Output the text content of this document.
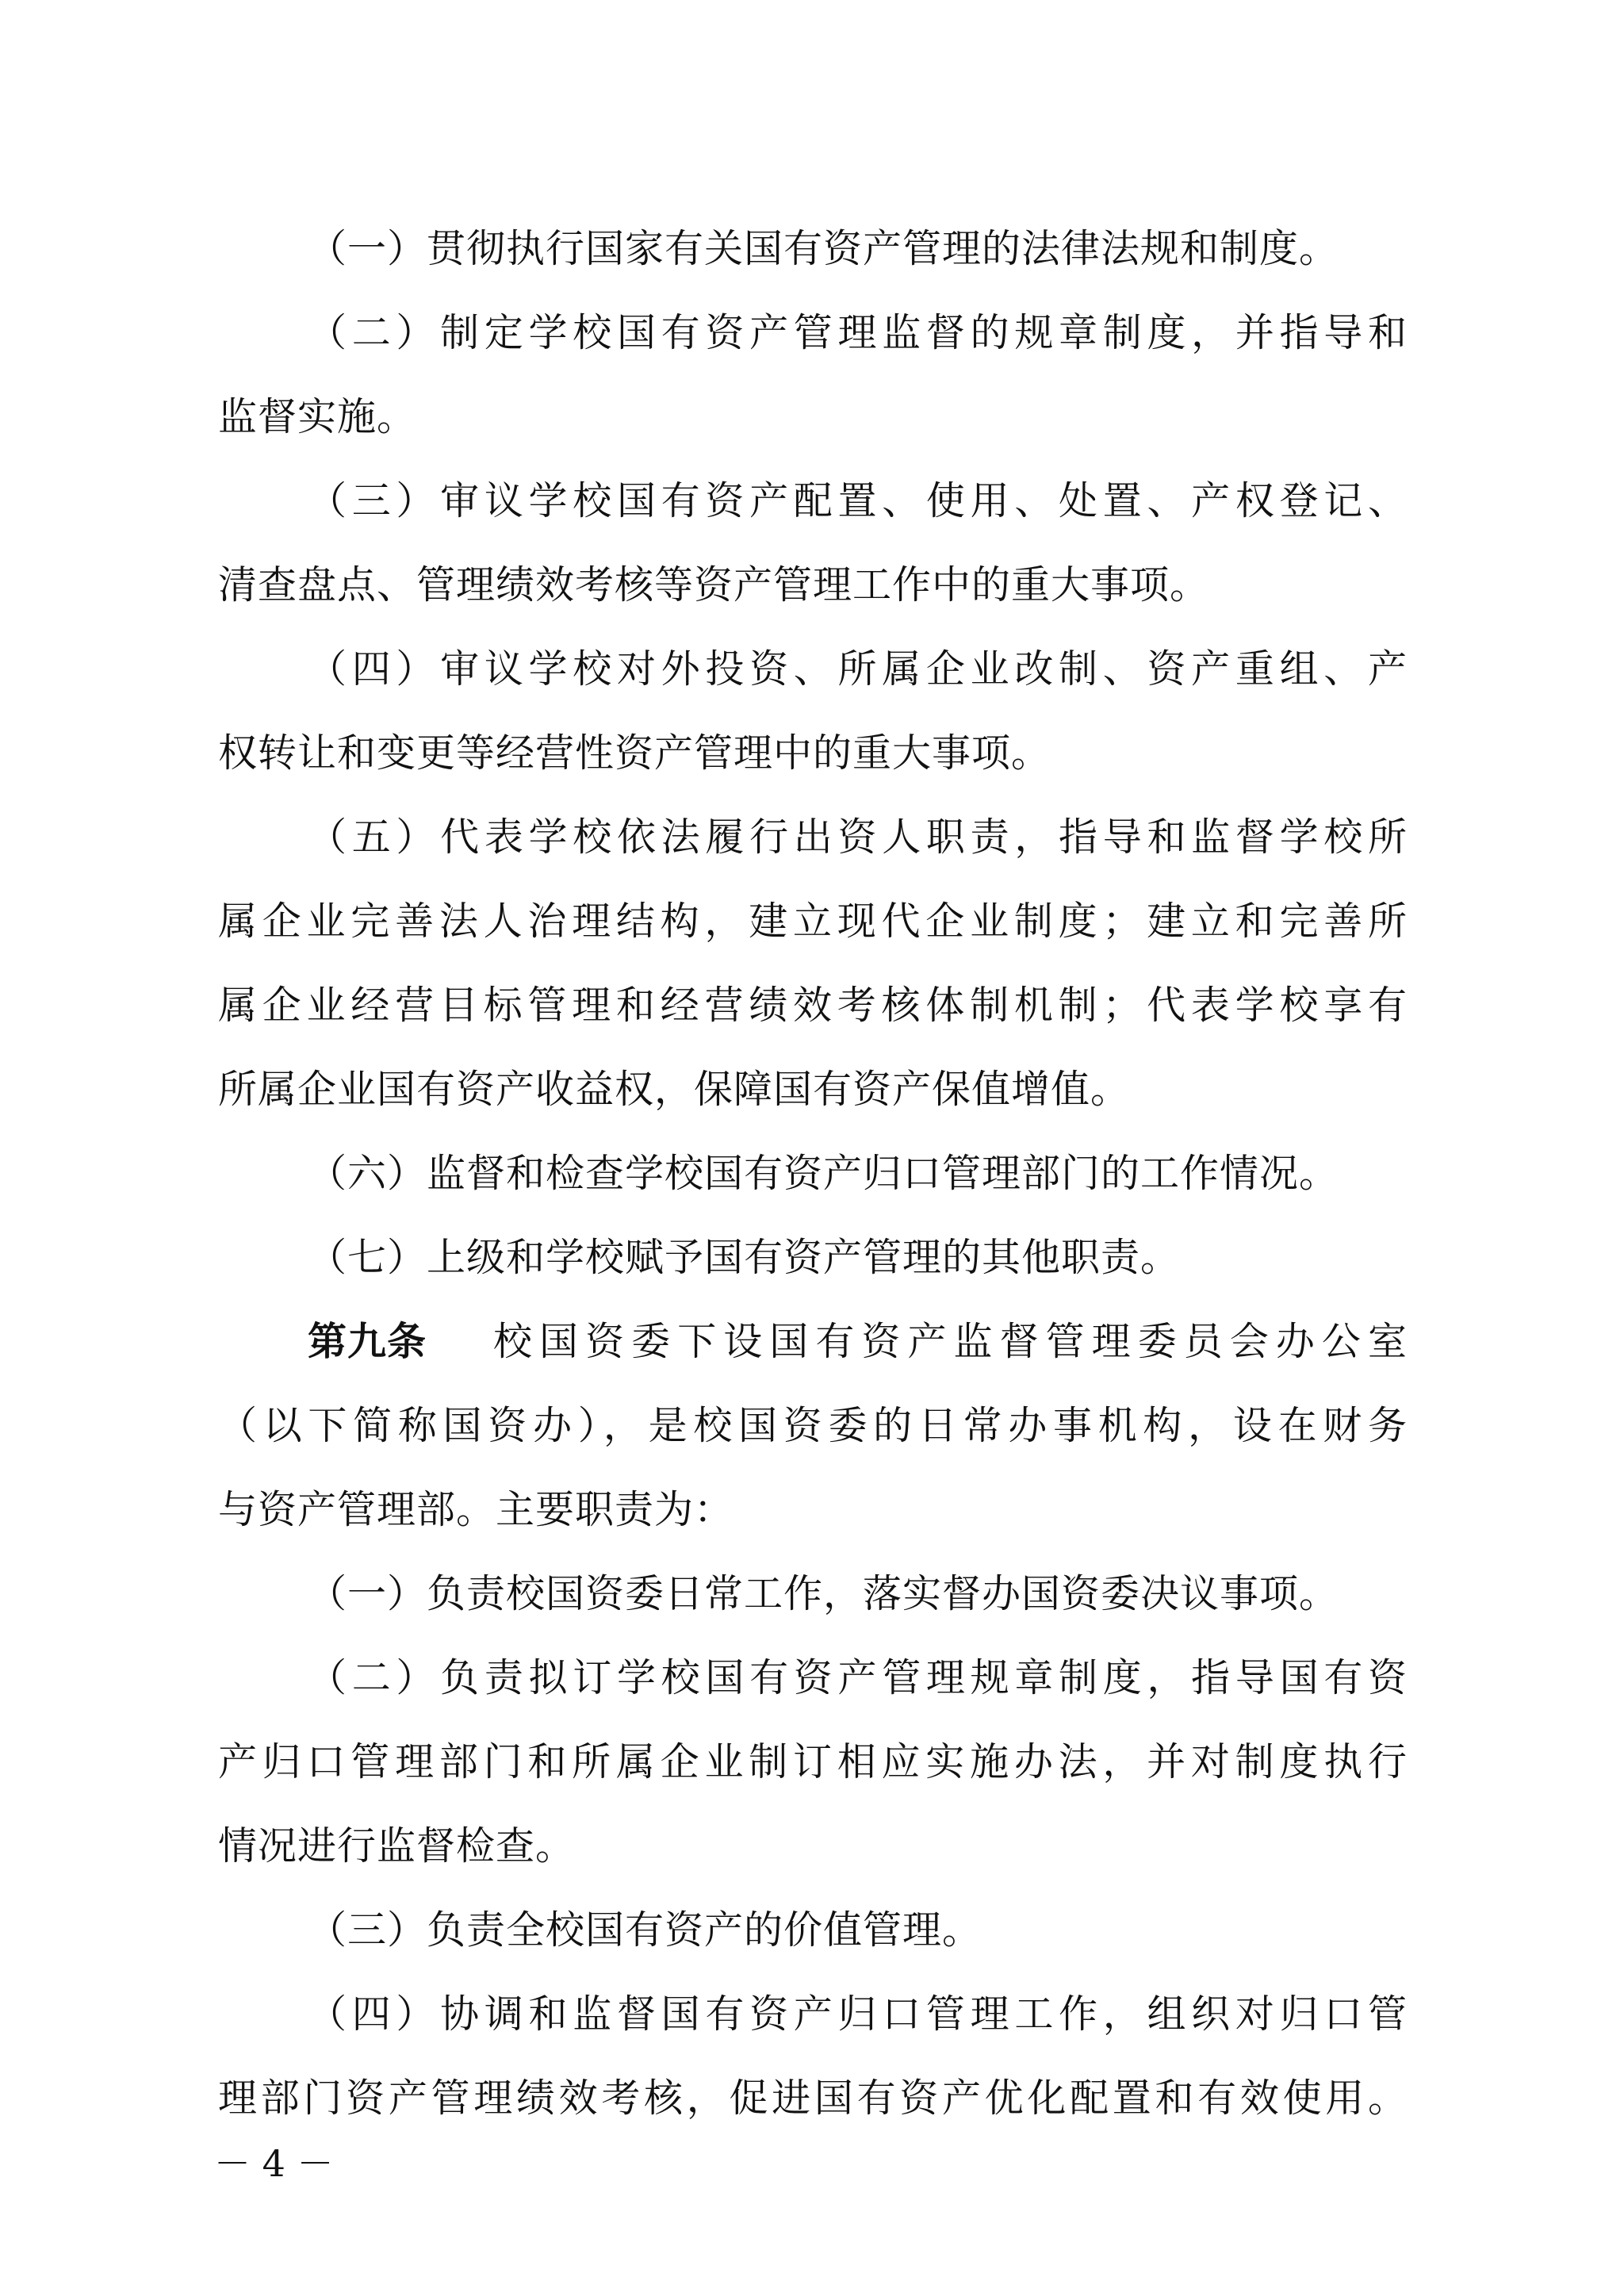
（一）贯彻执行国家有关国有资产管理的法律法规和制度。
（二）制定学校国有资产管理监督的规章制度，并指导和
监督实施。
（三）审议学校国有资产配置、使用、处置、产权登记、
清查盘点、管理绩效考核等资产管理工作中的重大事项。
（四）审议学校对外投资、所属企业改制、资产重组、产
权转让和变更等经营性资产管理中的重大事项。
（五）代表学校依法履行出资人职责，指导和监督学校所
属企业完善法人治理结构，建立现代企业制度；建立和完善所
属企业经营目标管理和经营绩效考核体制机制；代表学校享有
所属企业国有资产收益权，保障国有资产保值增值。
（六）监督和检查学校国有资产归口管理部门的工作情况。
（七）上级和学校赋予国有资产管理的其他职责。
第九条 校国资委下设国有资产监督管理委员会办公室
（以下简称国资办），是校国资委的日常办事机构，设在财务
与资产管理部。主要职责为：
（一）负责校国资委日常工作，落实督办国资委决议事项。
（二）负责拟订学校国有资产管理规章制度，指导国有资
产归口管理部门和所属企业制订相应实施办法，并对制度执行
情况进行监督检查。
（三）负责全校国有资产的价值管理。
（四）协调和监督国有资产归口管理工作，组织对归口管
理部门资产管理绩效考核，促进国有资产优化配置和有效使用。
－ 4 －
